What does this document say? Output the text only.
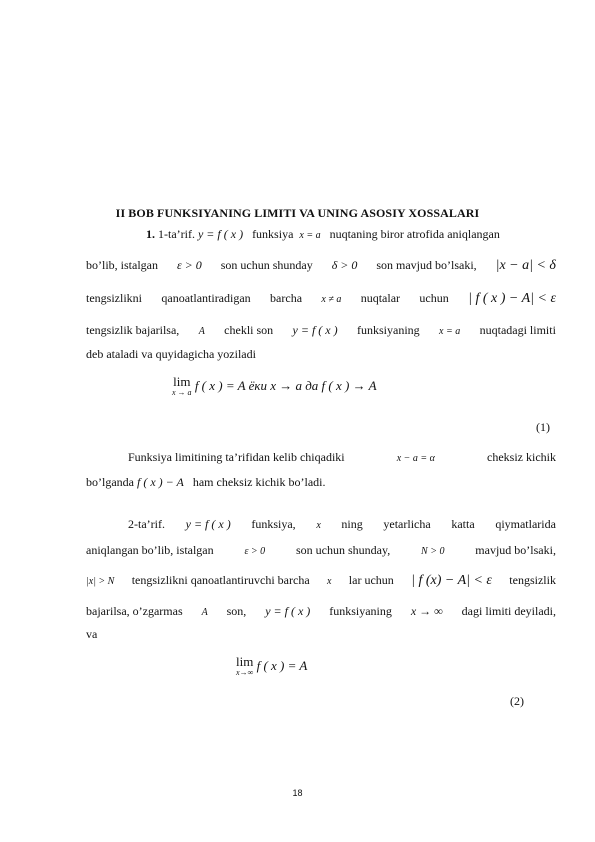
II BOB FUNKSIYANING LIMITI VA UNING ASOSIY XOSSALARI
1. 1-ta’rif. y = f ( x ) funksiya x = a nuqtaning biror atrofida aniqlangan
bo’lib, istalgan ε > 0 son uchun shunday δ > 0 son mavjud bo’lsaki, |x − a| < δ
tengsizlikni qanoatlantiradigan barcha x ≠ a nuqtalar uchun | f ( x ) − A| < ε
tengsizlik bajarilsa, A chekli son y = f ( x ) funksiyaning x = a nuqtadagi limiti
deb ataladi va quyidagicha yoziladi
lim
x → a f ( x ) = A ёки x → a да f ( x ) → A
(1)
Funksiya limitining ta’rifidan kelib chiqadiki	x − a = α	cheksiz kichik
bo’lganda f ( x ) − A ham cheksiz kichik bo’ladi.
2-ta’rif. y = f ( x ) funksiya, x ning yetarlicha katta qiymatlarida
aniqlangan bo’lib, istalgan	ε > 0	son uchun shunday,	N > 0	mavjud bo’lsaki,
|x| > N tengsizlikni qanoatlantiruvchi barcha x lar uchun | f (x) − A| < ε tengsizlik
bajarilsa, o’zgarmas A son, y = f ( x ) funksiyaning x → ∞ dagi limiti deyiladi,
va
lim
x→∞ f ( x ) = A
(2)
18
